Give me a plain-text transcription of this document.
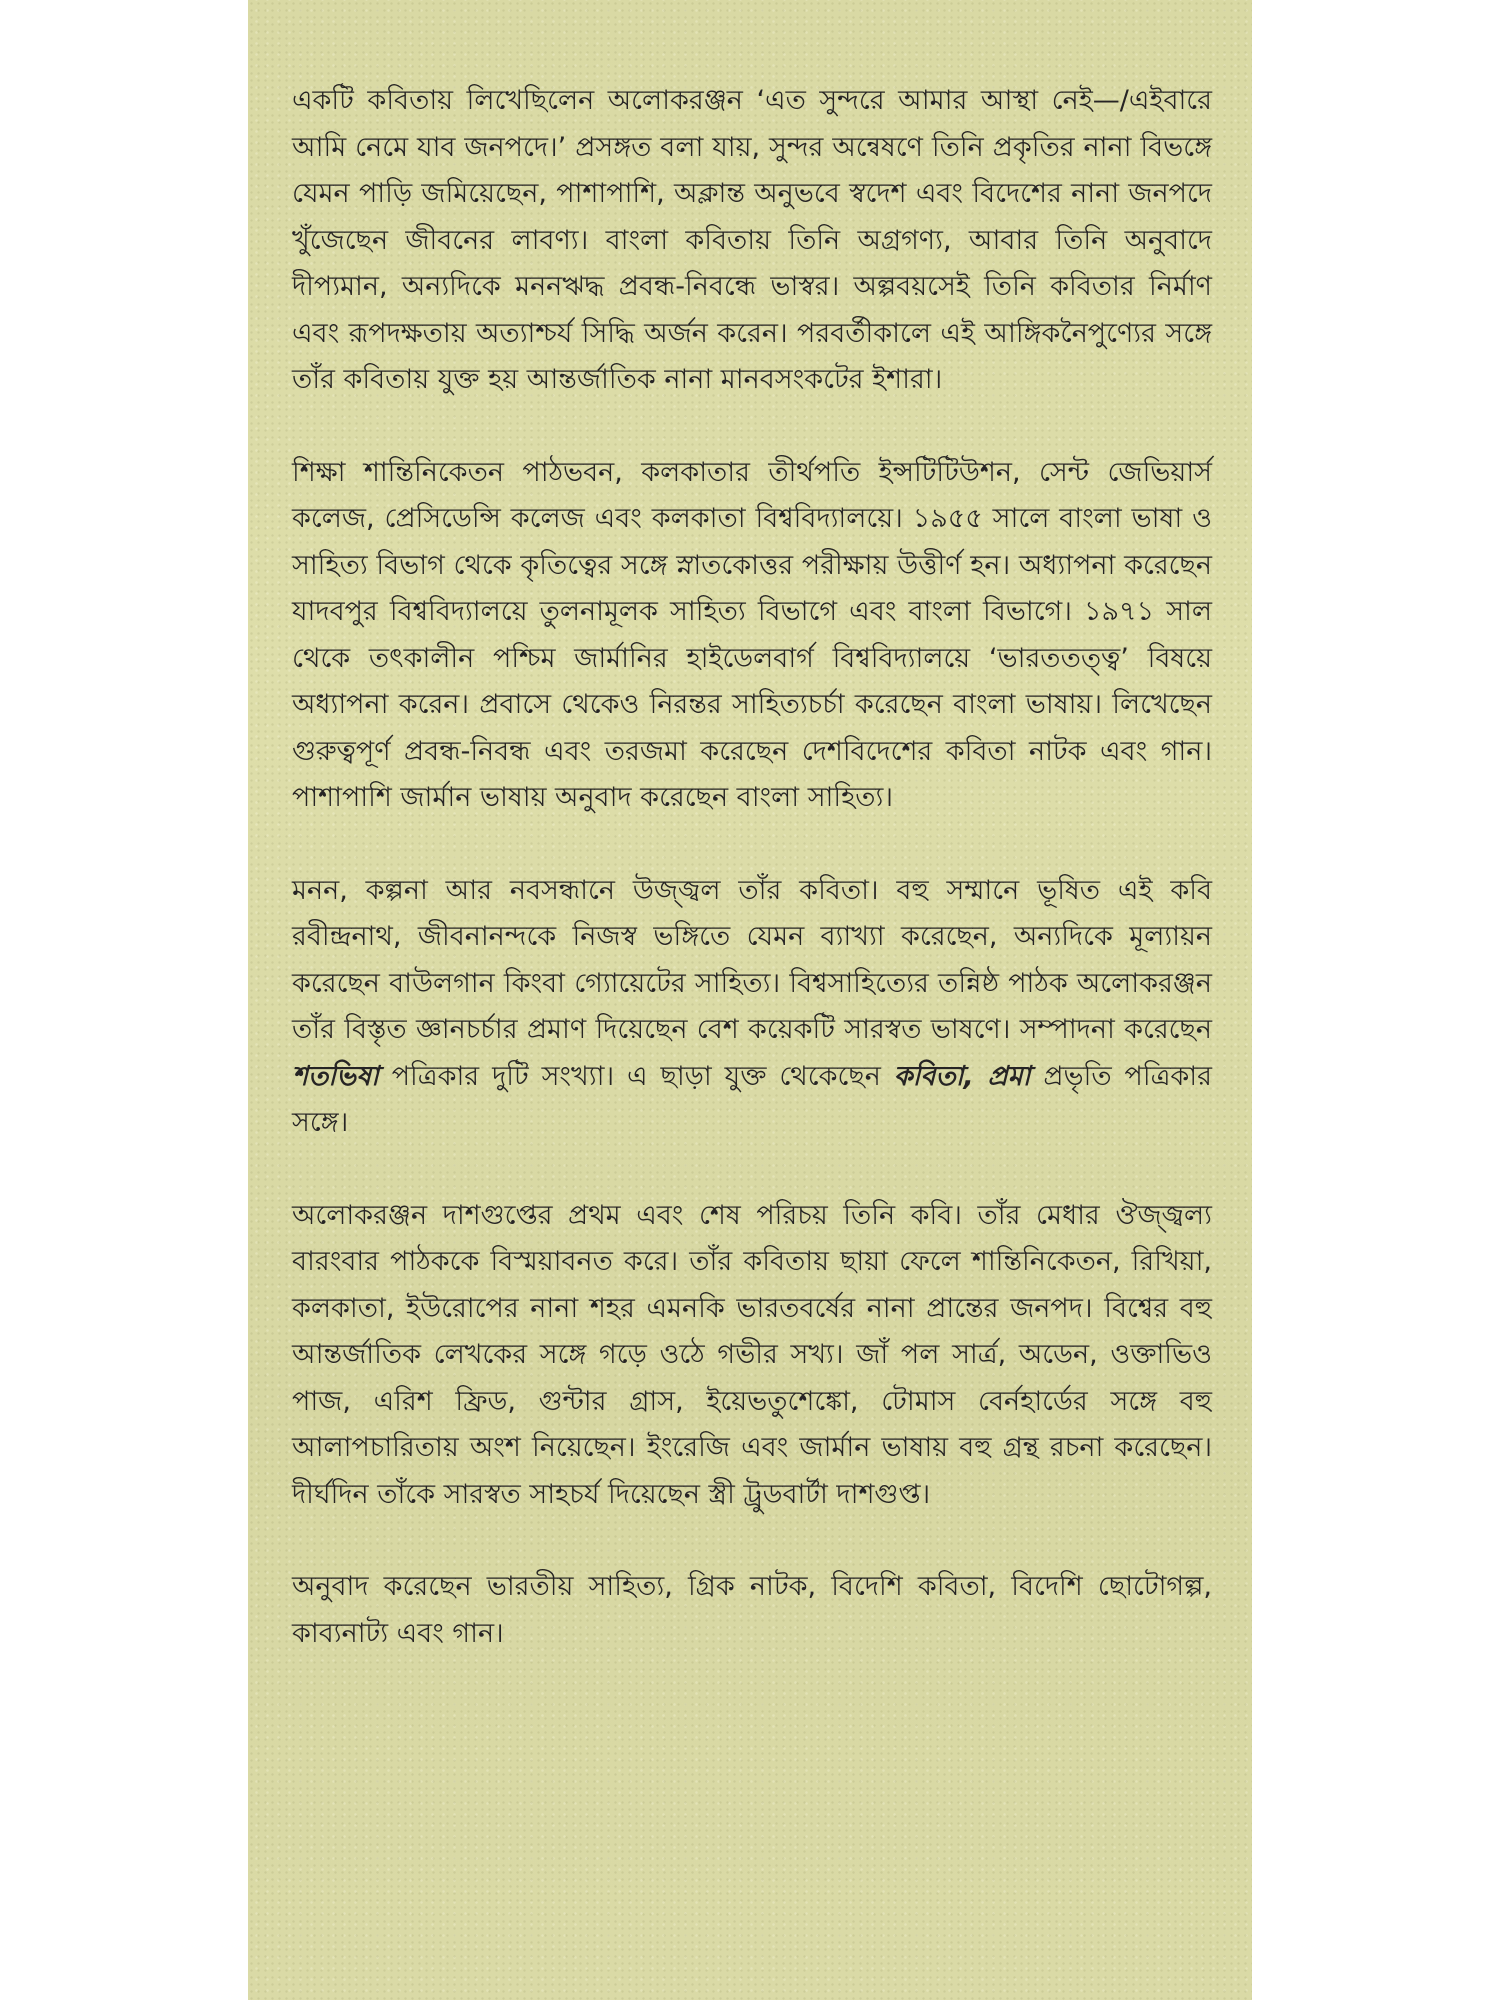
একটি কবিতায় লিখেছিলেন অলোকরঞ্জন ‘এত সুন্দরে আমার আস্থা নেই—/এইবারে আমি নেমে যাব জনপদে।’ প্রসঙ্গত বলা যায়, সুন্দর অন্বেষণে তিনি প্রকৃতির নানা বিভঙ্গে যেমন পাড়ি জমিয়েছেন, পাশাপাশি, অক্লান্ত অনুভবে স্বদেশ এবং বিদেশের নানা জনপদে খুঁজেছেন জীবনের লাবণ্য। বাংলা কবিতায় তিনি অগ্রগণ্য, আবার তিনি অনুবাদে দীপ্যমান, অন্যদিকে মননঋদ্ধ প্রবন্ধ-নিবন্ধে ভাস্বর। অল্পবয়সেই তিনি কবিতার নির্মাণ এবং রূপদক্ষতায় অত্যাশ্চর্য সিদ্ধি অর্জন করেন। পরবর্তীকালে এই আঙ্গিকনৈপুণ্যের সঙ্গে তাঁর কবিতায় যুক্ত হয় আন্তর্জাতিক নানা মানবসংকটের ইশারা।

শিক্ষা শান্তিনিকেতন পাঠভবন, কলকাতার তীর্থপতি ইন্সটিটিউশন, সেন্ট জেভিয়ার্স কলেজ, প্রেসিডেন্সি কলেজ এবং কলকাতা বিশ্ববিদ্যালয়ে। ১৯৫৫ সালে বাংলা ভাষা ও সাহিত্য বিভাগ থেকে কৃতিত্বের সঙ্গে স্নাতকোত্তর পরীক্ষায় উত্তীর্ণ হন। অধ্যাপনা করেছেন যাদবপুর বিশ্ববিদ্যালয়ে তুলনামূলক সাহিত্য বিভাগে এবং বাংলা বিভাগে। ১৯৭১ সাল থেকে তৎকালীন পশ্চিম জার্মানির হাইডেলবার্গ বিশ্ববিদ্যালয়ে ‘ভারততত্ত্ব’ বিষয়ে অধ্যাপনা করেন। প্রবাসে থেকেও নিরন্তর সাহিত্যচর্চা করেছেন বাংলা ভাষায়। লিখেছেন গুরুত্বপূর্ণ প্রবন্ধ-নিবন্ধ এবং তরজমা করেছেন দেশবিদেশের কবিতা নাটক এবং গান। পাশাপাশি জার্মান ভাষায় অনুবাদ করেছেন বাংলা সাহিত্য।

মনন, কল্পনা আর নবসন্ধানে উজ্জ্বল তাঁর কবিতা। বহু সম্মানে ভূষিত এই কবি রবীন্দ্রনাথ, জীবনানন্দকে নিজস্ব ভঙ্গিতে যেমন ব্যাখ্যা করেছেন, অন্যদিকে মূল্যায়ন করেছেন বাউলগান কিংবা গ্যোয়েটের সাহিত্য। বিশ্বসাহিত্যের তন্নিষ্ঠ পাঠক অলোকরঞ্জন তাঁর বিস্তৃত জ্ঞানচর্চার প্রমাণ দিয়েছেন বেশ কয়েকটি সারস্বত ভাষণে। সম্পাদনা করেছেন শতভিষা পত্রিকার দুটি সংখ্যা। এ ছাড়া যুক্ত থেকেছেন কবিতা, প্রমা প্রভৃতি পত্রিকার সঙ্গে।

অলোকরঞ্জন দাশগুপ্তের প্রথম এবং শেষ পরিচয় তিনি কবি। তাঁর মেধার ঔজ্জ্বল্য বারংবার পাঠককে বিস্ময়াবনত করে। তাঁর কবিতায় ছায়া ফেলে শান্তিনিকেতন, রিখিয়া, কলকাতা, ইউরোপের নানা শহর এমনকি ভারতবর্ষের নানা প্রান্তের জনপদ। বিশ্বের বহু আন্তর্জাতিক লেখকের সঙ্গে গড়ে ওঠে গভীর সখ্য। জাঁ পল সার্ত্র, অডেন, ওক্তাভিও পাজ, এরিশ ফ্রিড, গুন্টার গ্রাস, ইয়েভতুশেঙ্কো, টোমাস বের্নহার্ডের সঙ্গে বহু আলাপচারিতায় অংশ নিয়েছেন। ইংরেজি এবং জার্মান ভাষায় বহু গ্রন্থ রচনা করেছেন। দীর্ঘদিন তাঁকে সারস্বত সাহচর্য দিয়েছেন স্ত্রী ট্রুডবার্টা দাশগুপ্ত।

অনুবাদ করেছেন ভারতীয় সাহিত্য, গ্রিক নাটক, বিদেশি কবিতা, বিদেশি ছোটোগল্প, কাব্যনাট্য এবং গান।
